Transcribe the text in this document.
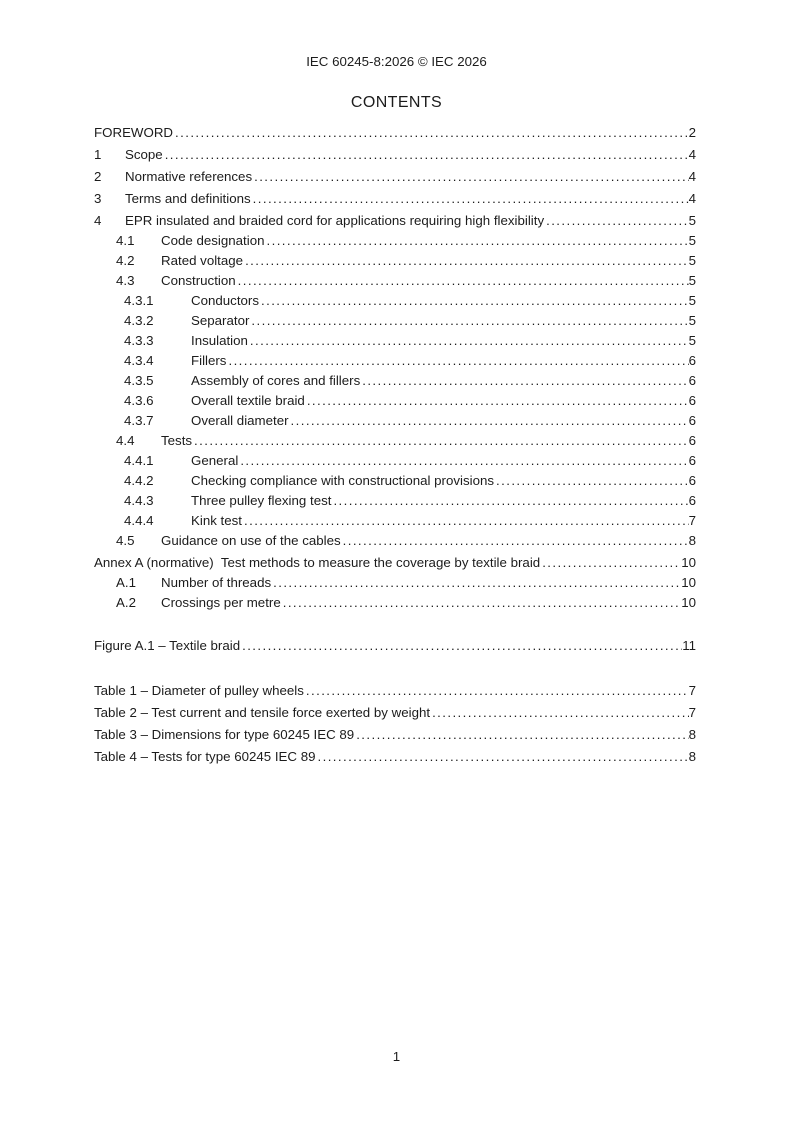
IEC 60245-8:2026 © IEC 2026
CONTENTS
FOREWORD .....	2
1	Scope .....	4
2	Normative references .....	4
3	Terms and definitions .....	4
4	EPR insulated and braided cord for applications requiring high flexibility .....	5
4.1	Code designation .....	5
4.2	Rated voltage .....	5
4.3	Construction .....	5
4.3.1	Conductors .....	5
4.3.2	Separator .....	5
4.3.3	Insulation .....	5
4.3.4	Fillers .....	6
4.3.5	Assembly of cores and fillers .....	6
4.3.6	Overall textile braid .....	6
4.3.7	Overall diameter .....	6
4.4	Tests .....	6
4.4.1	General .....	6
4.4.2	Checking compliance with constructional provisions .....	6
4.4.3	Three pulley flexing test .....	6
4.4.4	Kink test .....	7
4.5	Guidance on use of the cables .....	8
Annex A (normative)  Test methods to measure the coverage by textile braid .....	10
A.1	Number of threads .....	10
A.2	Crossings per metre .....	10
Figure A.1 – Textile braid .....	11
Table 1 – Diameter of pulley wheels .....	7
Table 2 – Test current and tensile force exerted by weight .....	7
Table 3 – Dimensions for type 60245 IEC 89 .....	8
Table 4 – Tests for type 60245 IEC 89 .....	8
1
